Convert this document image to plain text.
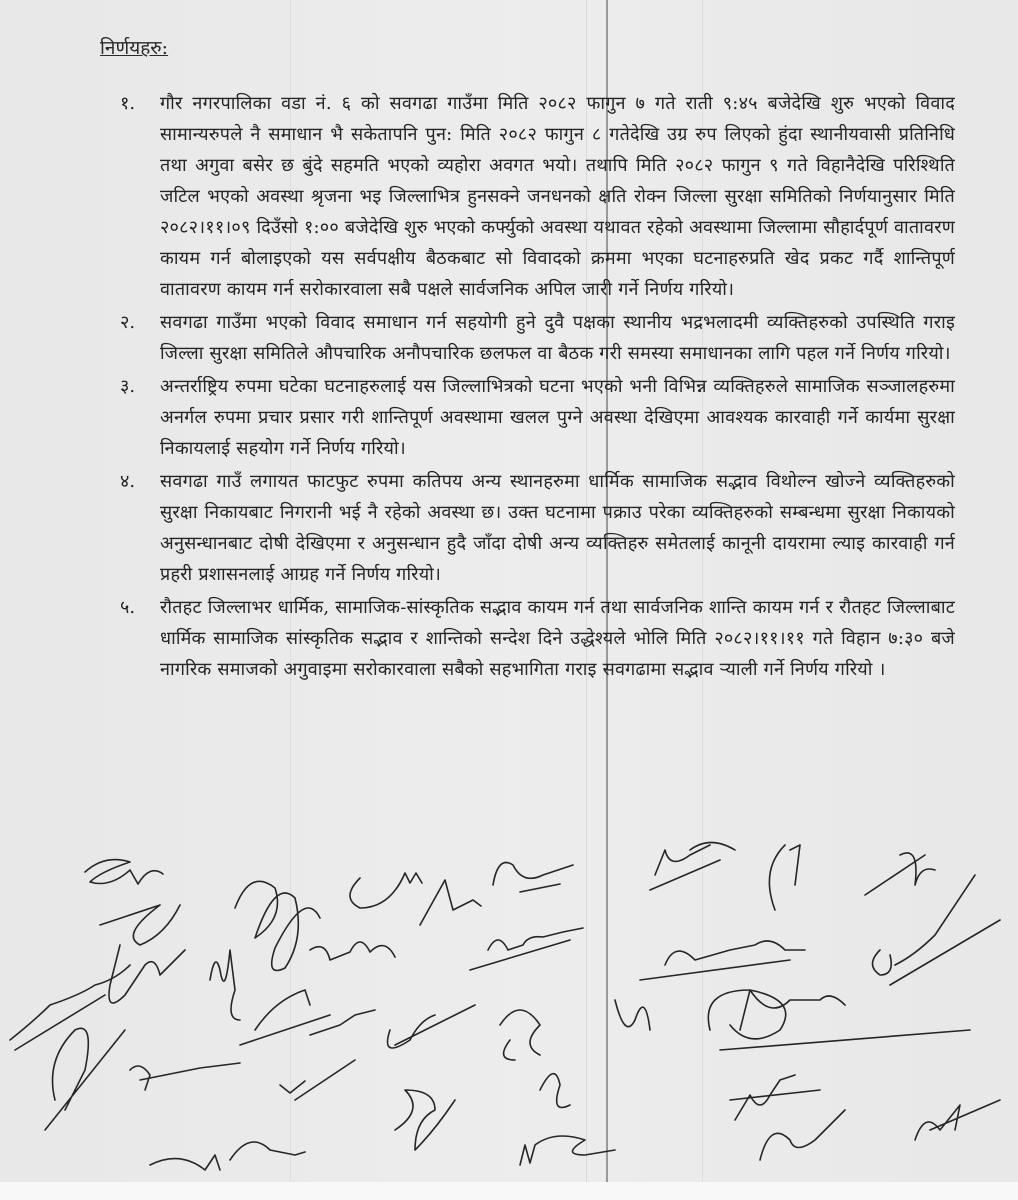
निर्णयहरु:
१. गौर नगरपालिका वडा नं. ६ को सवगढा गाउँमा मिति २०८२ फागुन ७ गते राती ९:४५ बजेदेखि शुरु भएको विवाद सामान्यरुपले नै समाधान भै सकेतापनि पुन: मिति २०८२ फागुन ८ गतेदेखि उग्र रुप लिएको हुंदा स्थानीयवासी प्रतिनिधि तथा अगुवा बसेर छ बुंदे सहमति भएको व्यहोरा अवगत भयो। तथापि मिति २०८२ फागुन ९ गते विहानैदेखि परिश्थिति जटिल भएको अवस्था श्रृजना भइ जिल्लाभित्र हुनसक्ने जनधनको क्षति रोक्न जिल्ला सुरक्षा समितिको निर्णयानुसार मिति २०८२।११।०९ दिउँसो १:०० बजेदेखि शुरु भएको कर्फ्युको अवस्था यथावत रहेको अवस्थामा जिल्लामा सौहार्दपूर्ण वातावरण कायम गर्न बोलाइएको यस सर्वपक्षीय बैठकबाट सो विवादको क्रममा भएका घटनाहरुप्रति खेद प्रकट गर्दै शान्तिपूर्ण वातावरण कायम गर्न सरोकारवाला सबै पक्षले सार्वजनिक अपिल जारी गर्ने निर्णय गरियो।
२. सवगढा गाउँमा भएको विवाद समाधान गर्न सहयोगी हुने दुवै पक्षका स्थानीय भद्रभलादमी व्यक्तिहरुको उपस्थिति गराइ जिल्ला सुरक्षा समितिले औपचारिक अनौपचारिक छलफल वा बैठक गरी समस्या समाधानका लागि पहल गर्ने निर्णय गरियो।
३. अन्तर्राष्ट्रिय रुपमा घटेका घटनाहरुलाई यस जिल्लाभित्रको घटना भएको भनी विभिन्न व्यक्तिहरुले सामाजिक सञ्जालहरुमा अनर्गल रुपमा प्रचार प्रसार गरी शान्तिपूर्ण अवस्थामा खलल पुग्ने अवस्था देखिएमा आवश्यक कारवाही गर्ने कार्यमा सुरक्षा निकायलाई सहयोग गर्ने निर्णय गरियो।
४. सवगढा गाउँ लगायत फाटफुट रुपमा कतिपय अन्य स्थानहरुमा धार्मिक सामाजिक सद्भाव विथोल्न खोज्ने व्यक्तिहरुको सुरक्षा निकायबाट निगरानी भई नै रहेको अवस्था छ। उक्त घटनामा पक्राउ परेका व्यक्तिहरुको सम्बन्धमा सुरक्षा निकायको अनुसन्धानबाट दोषी देखिएमा र अनुसन्धान हुदै जाँदा दोषी अन्य व्यक्तिहरु समेतलाई कानूनी दायरामा ल्याइ कारवाही गर्न प्रहरी प्रशासनलाई आग्रह गर्ने निर्णय गरियो।
५. रौतहट जिल्लाभर धार्मिक, सामाजिक-सांस्कृतिक सद्भाव कायम गर्न तथा सार्वजनिक शान्ति कायम गर्न र रौतहट जिल्लाबाट धार्मिक सामाजिक सांस्कृतिक सद्भाव र शान्तिको सन्देश दिने उद्धेश्यले भोलि मिति २०८२।११।११ गते विहान ७:३० बजे नागरिक समाजको अगुवाइमा सरोकारवाला सबैको सहभागिता गराइ सवगढामा सद्भाव र्‍याली गर्ने निर्णय गरियो ।
